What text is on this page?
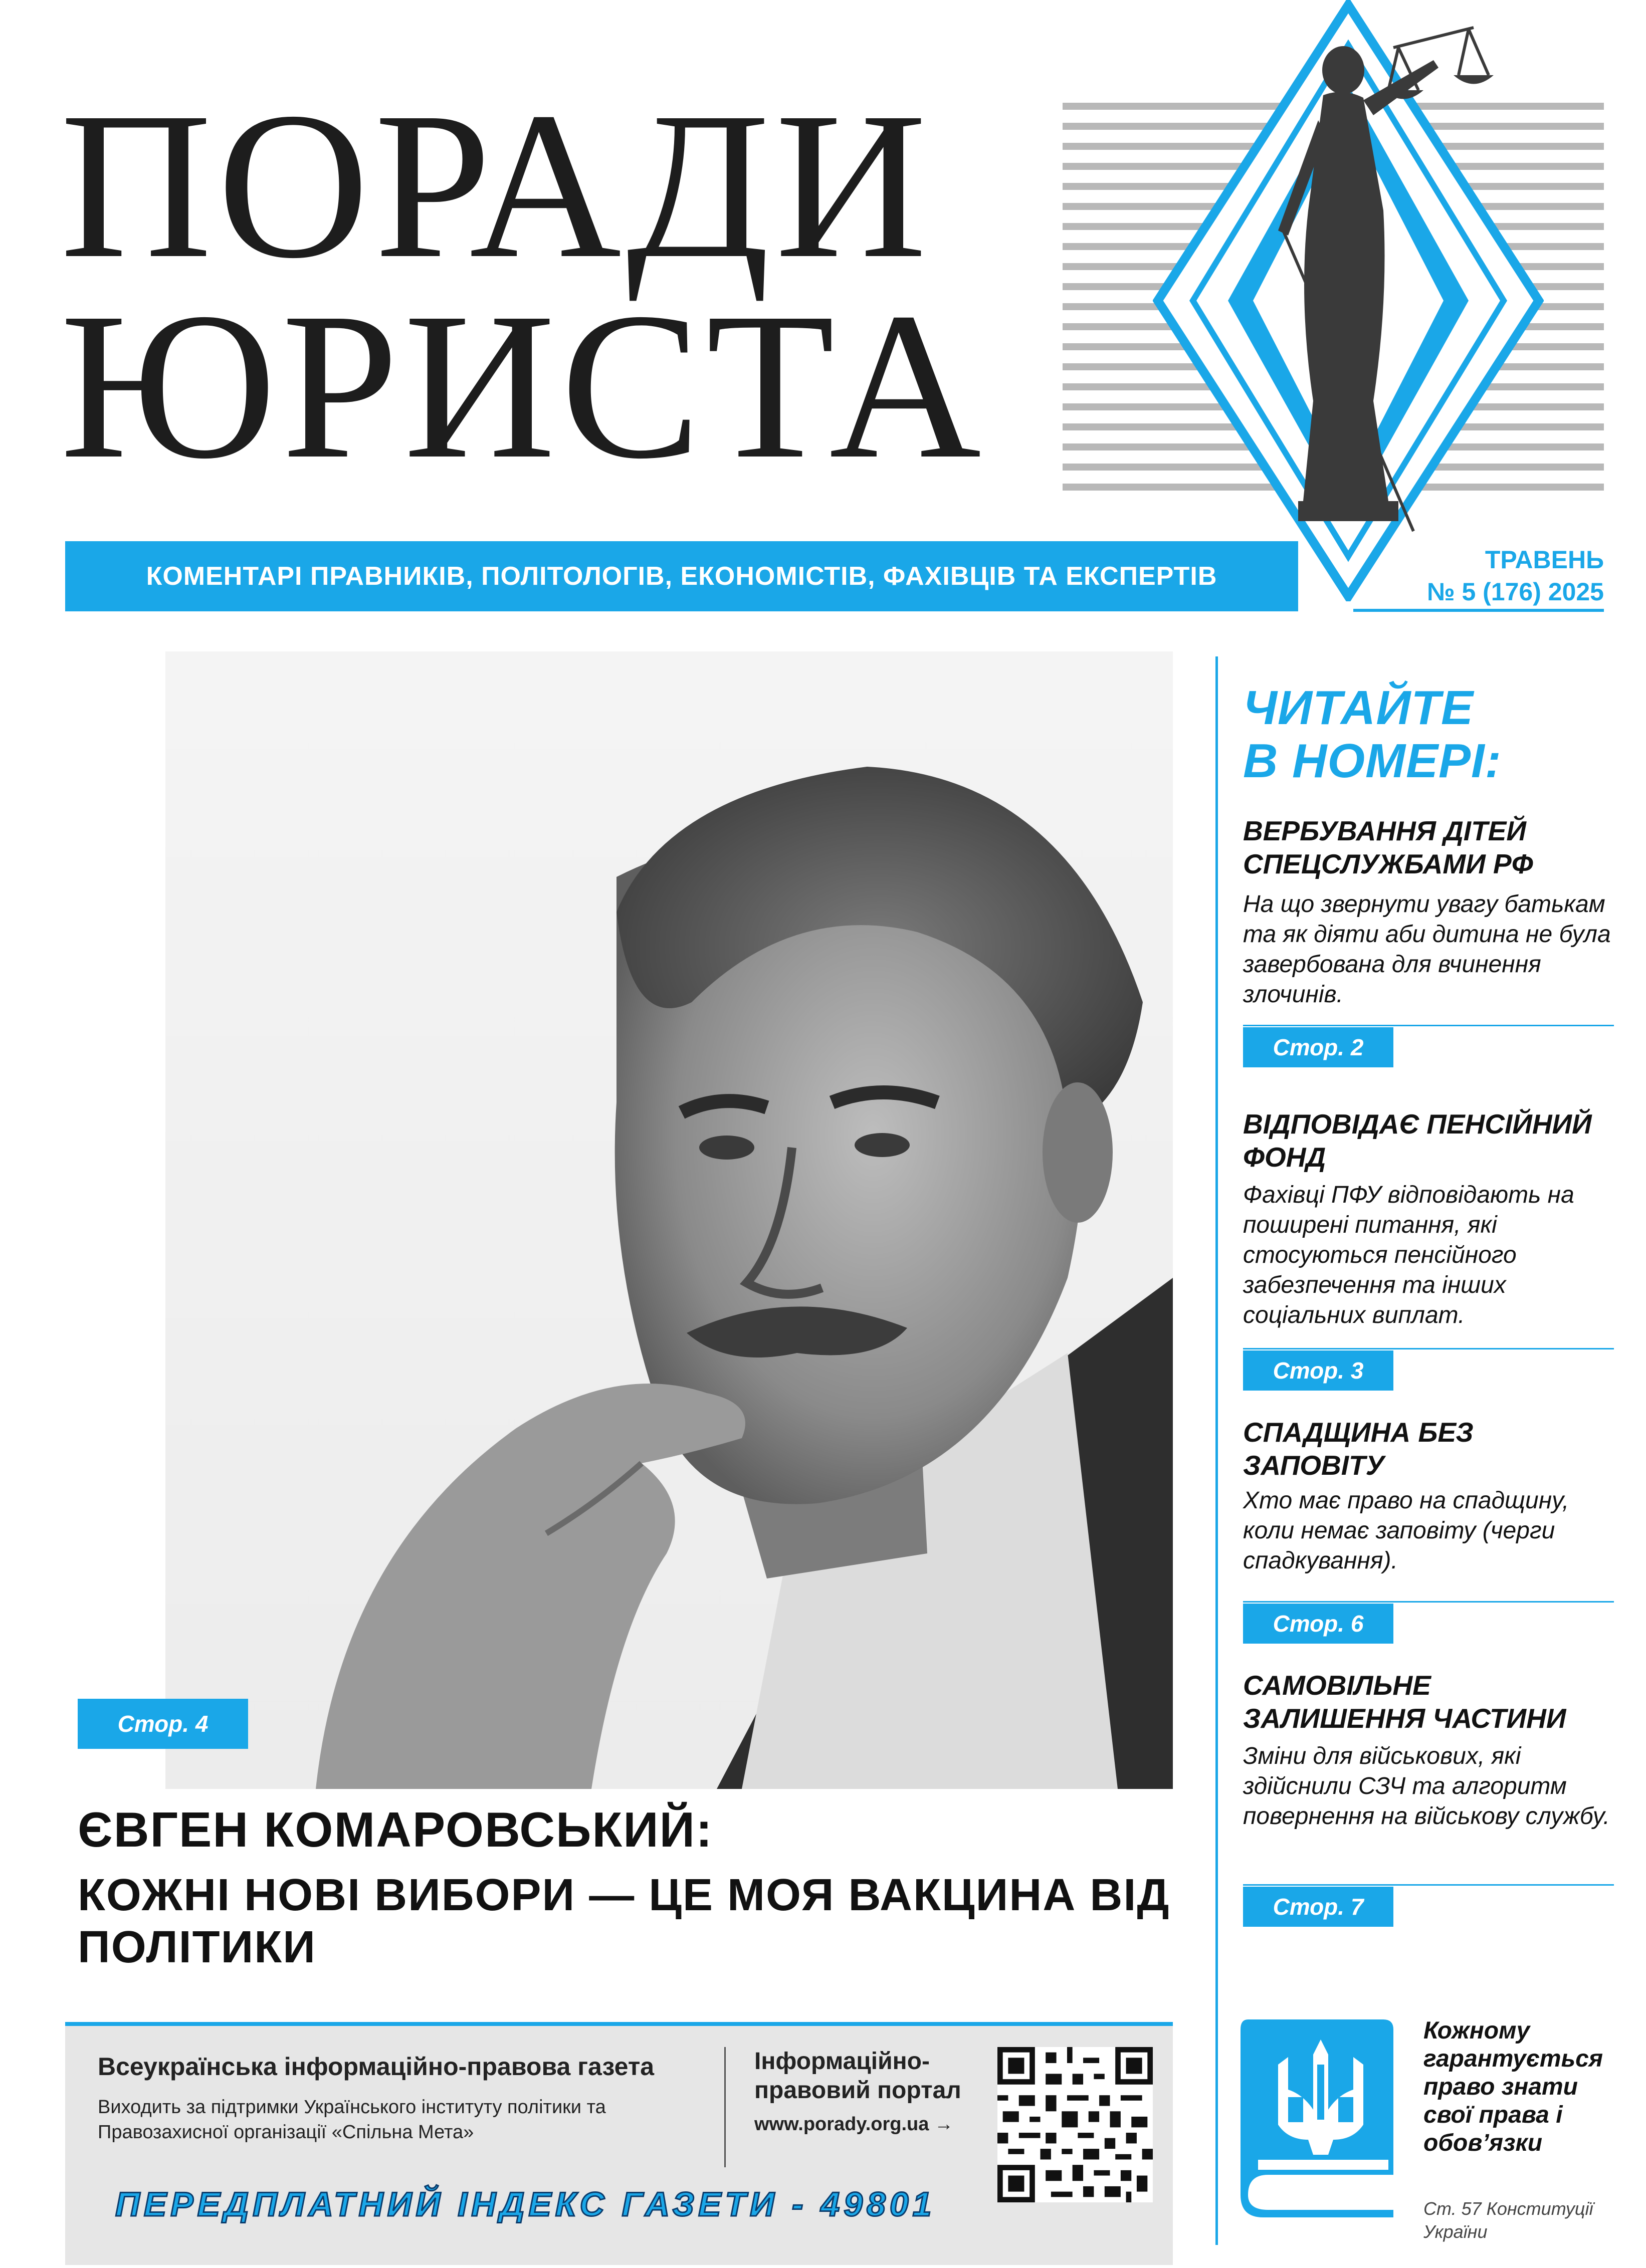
ПОРАДИ
ЮРИСТА
КОМЕНТАРІ ПРАВНИКІВ, ПОЛІТОЛОГІВ, ЕКОНОМІСТІВ, ФАХІВЦІВ ТА ЕКСПЕРТІВ
ТРАВЕНЬ
№ 5 (176) 2025
Стор. 4
ЄВГЕН КОМАРОВСЬКИЙ:
КОЖНІ НОВІ ВИБОРИ — ЦЕ МОЯ ВАКЦИНА ВІД ПОЛІТИКИ
ЧИТАЙТЕ
В НОМЕРІ:
ВЕРБУВАННЯ ДІТЕЙ СПЕЦСЛУЖБАМИ РФ
На що звернути увагу батькам та як діяти аби дитина не була завербована для вчинення злочинів.
Стор. 2
ВІДПОВІДАЄ ПЕНСІЙНИЙ ФОНД
Фахівці ПФУ відповідають на поширені питання, які стосуються пенсійного забезпечення та інших соціальних виплат.
Стор. 3
СПАДЩИНА БЕЗ ЗАПОВІТУ
Хто має право на спадщину, коли немає заповіту (черги спадкування).
Стор. 6
САМОВІЛЬНЕ ЗАЛИШЕННЯ ЧАСТИНИ
Зміни для військових, які здійснили СЗЧ та алгоритм повернення на військову службу.
Стор. 7
Всеукраїнська інформаційно-правова газета
Виходить за підтримки Українського інституту політики та Правозахисної організації «Спільна Мета»
Інформаційно-правовий портал
www.porady.org.ua →
ПЕРЕДПЛАТНИЙ ІНДЕКС ГАЗЕТИ - 49801
Кожному гарантується право знати свої права і обов’язки
Ст. 57 Конституції України
